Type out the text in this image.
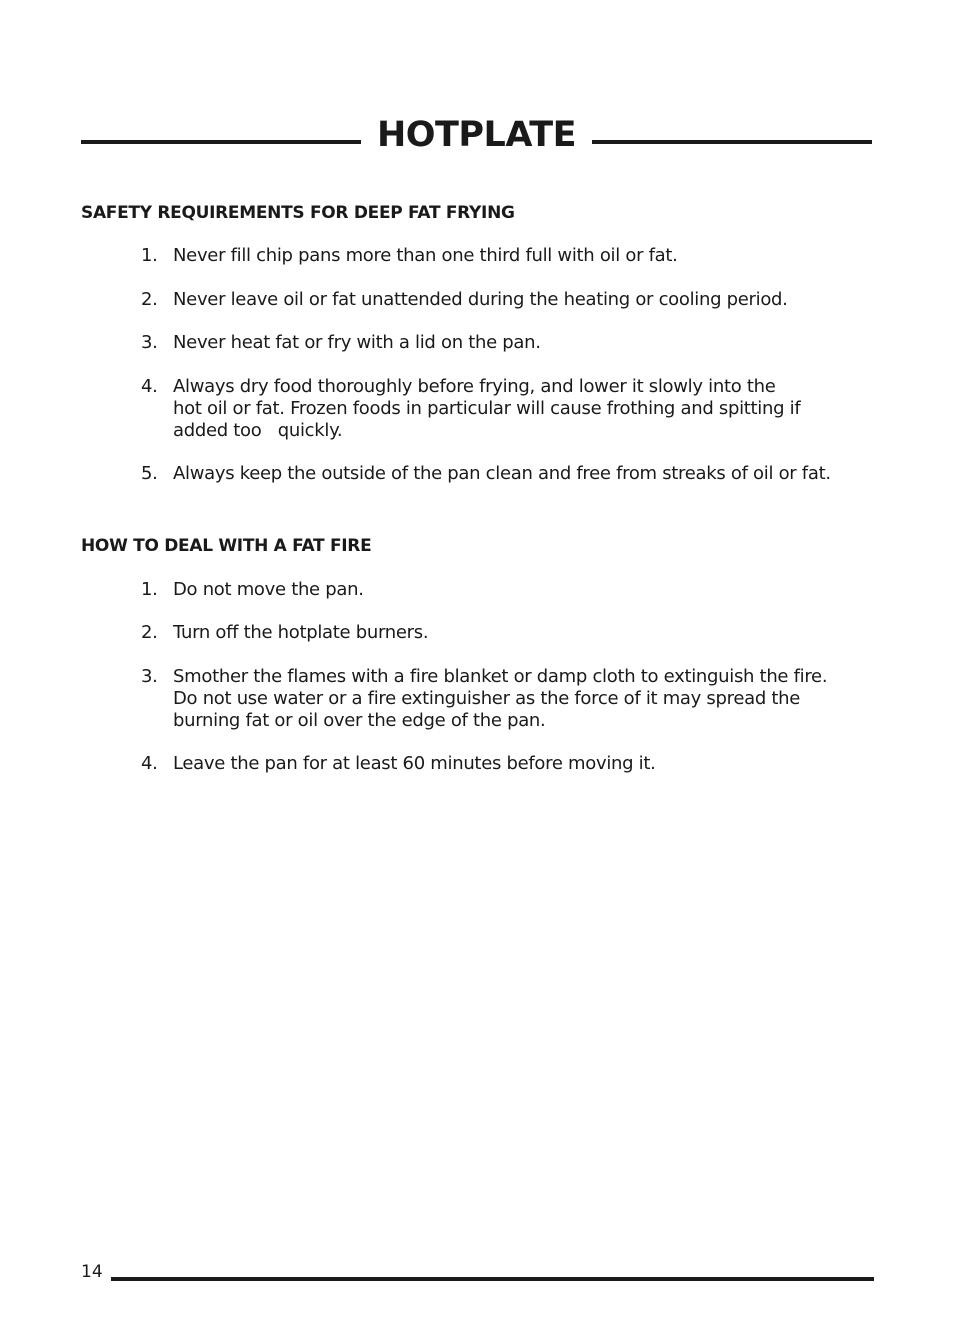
HOTPLATE
SAFETY REQUIREMENTS FOR DEEP FAT FRYING
1. Never fill chip pans more than one third full with oil or fat.
2. Never leave oil or fat unattended during the heating or cooling period.
3. Never heat fat or fry with a lid on the pan.
4. Always dry food thoroughly before frying, and lower it slowly into the
hot oil or fat. Frozen foods in particular will cause frothing and spitting if
added too   quickly.
5. Always keep the outside of the pan clean and free from streaks of oil or fat.
HOW TO DEAL WITH A FAT FIRE
1. Do not move the pan.
2. Turn off the hotplate burners.
3. Smother the flames with a fire blanket or damp cloth to extinguish the fire.
Do not use water or a fire extinguisher as the force of it may spread the
burning fat or oil over the edge of the pan.
4. Leave the pan for at least 60 minutes before moving it.
14
